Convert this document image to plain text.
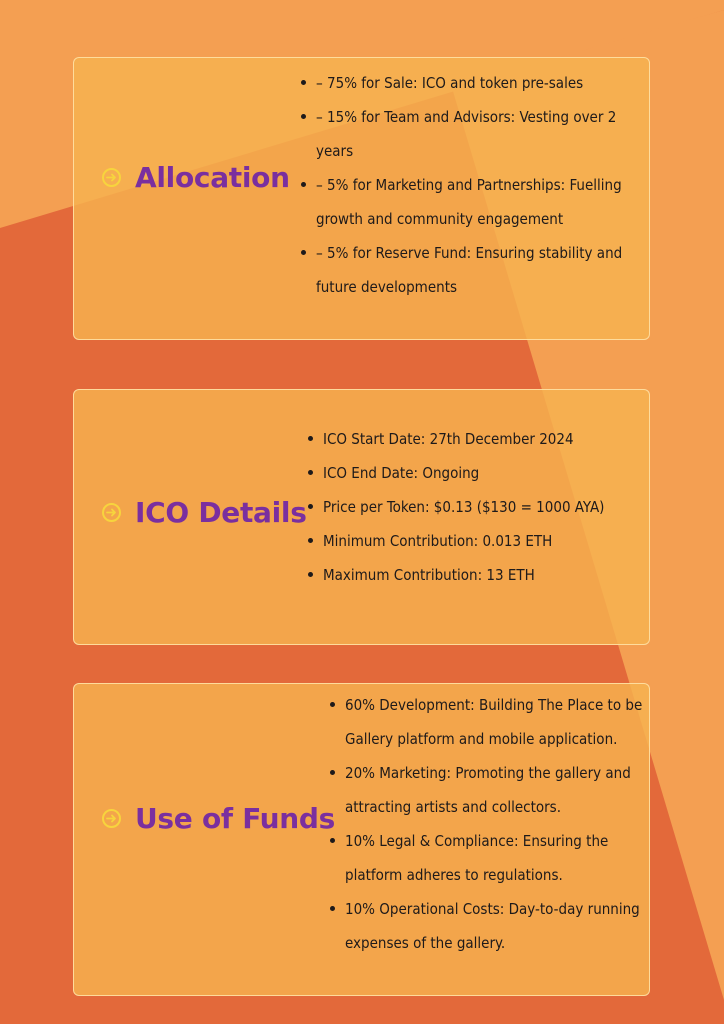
Allocation
– 75% for Sale: ICO and token pre-sales
– 15% for Team and Advisors: Vesting over 2 years
– 5% for Marketing and Partnerships: Fuelling growth and community engagement
– 5% for Reserve Fund: Ensuring stability and future developments
ICO Details
ICO Start Date: 27th December 2024
ICO End Date: Ongoing
Price per Token: $0.13 ($130 = 1000 AYA)
Minimum Contribution: 0.013 ETH
Maximum Contribution: 13 ETH
Use of Funds
60% Development: Building The Place to be Gallery platform and mobile application.
20% Marketing: Promoting the gallery and attracting artists and collectors.
10% Legal & Compliance: Ensuring the platform adheres to regulations.
10% Operational Costs: Day-to-day running expenses of the gallery.
